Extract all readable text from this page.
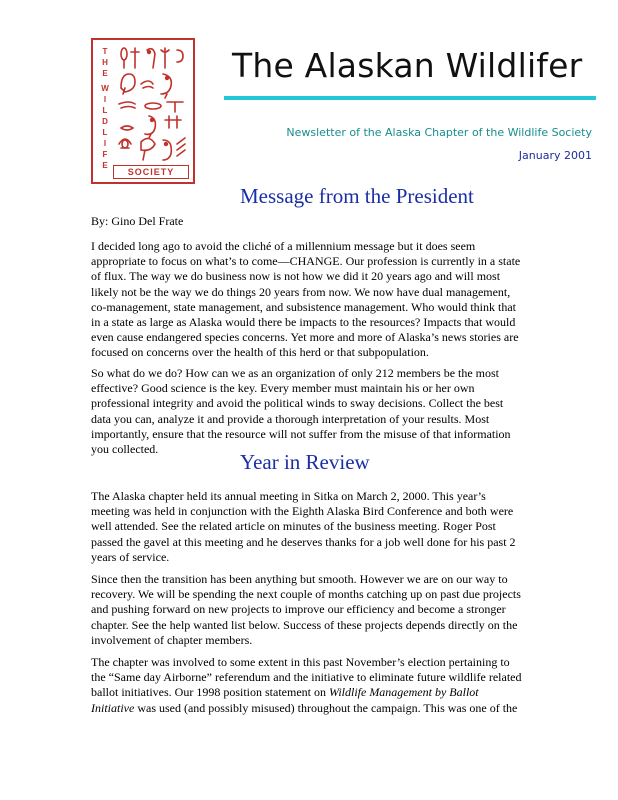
T
H
E
W
I
L
D
L
I
F
E
SOCIETY
The Alaskan Wildlifer
Newsletter of the Alaska Chapter of the Wildlife Society
January 2001
Message from the President
By: Gino Del Frate
I decided long ago to avoid the cliché of a millennium message but it does seem
appropriate to focus on what’s to come—CHANGE. Our profession is currently in a state
of flux. The way we do business now is not how we did it 20 years ago and will most
likely not be the way we do things 20 years from now. We now have dual management,
co-management, state management, and subsistence management. Who would think that
in a state as large as Alaska would there be impacts to the resources? Impacts that would
even cause endangered species concerns. Yet more and more of Alaska’s news stories are
focused on concerns over the health of this herd or that subpopulation.
So what do we do? How can we as an organization of only 212 members be the most
effective? Good science is the key. Every member must maintain his or her own
professional integrity and avoid the political winds to sway decisions. Collect the best
data you can, analyze it and provide a thorough interpretation of your results. Most
importantly, ensure that the resource will not suffer from the misuse of that information
you collected.
Year in Review
The Alaska chapter held its annual meeting in Sitka on March 2, 2000. This year’s
meeting was held in conjunction with the Eighth Alaska Bird Conference and both were
well attended. See the related article on minutes of the business meeting. Roger Post
passed the gavel at this meeting and he deserves thanks for a job well done for his past 2
years of service.
Since then the transition has been anything but smooth. However we are on our way to
recovery. We will be spending the next couple of months catching up on past due projects
and pushing forward on new projects to improve our efficiency and become a stronger
chapter. See the help wanted list below. Success of these projects depends directly on the
involvement of chapter members.
The chapter was involved to some extent in this past November’s election pertaining to
the “Same day Airborne” referendum and the initiative to eliminate future wildlife related
ballot initiatives. Our 1998 position statement on Wildlife Management by Ballot
Initiative was used (and possibly misused) throughout the campaign. This was one of the
